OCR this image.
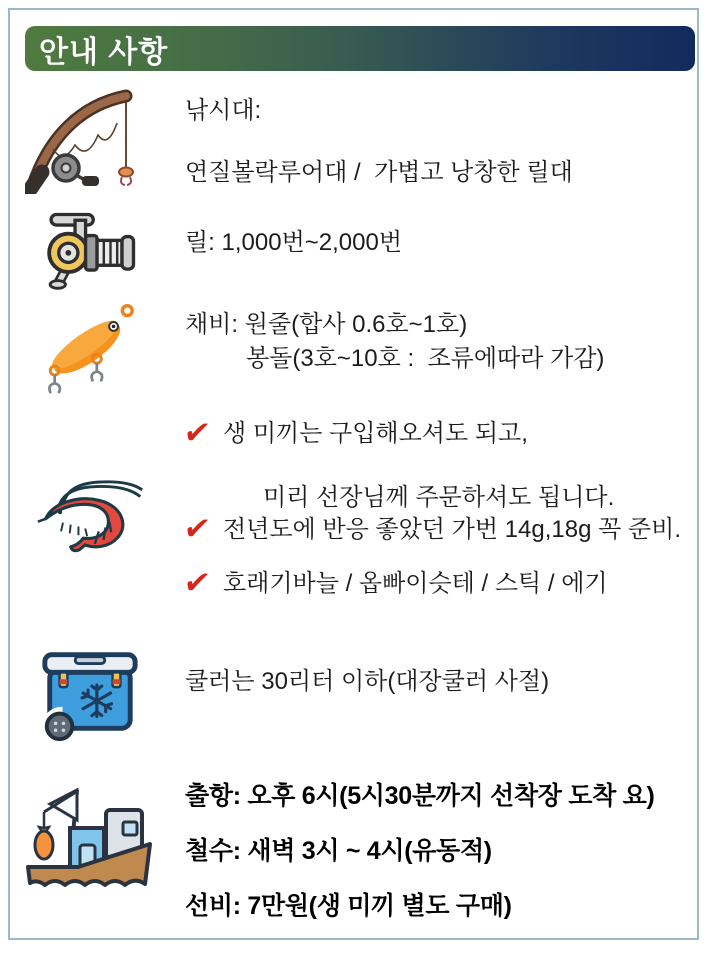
안내 사항
낚시대:
연질볼락루어대 /  가볍고 낭창한 릴대
릴: 1,000번~2,000번
채비: 원줄(합사 0.6호~1호)
봉돌(3호~10호 :  조류에따라 가감)
✔ 생 미끼는 구입해오셔도 되고,

미리 선장님께 주문하셔도 됩니다.
✔ 전년도에 반응 좋았던 가번 14g,18g 꼭 준비.
✔ 호래기바늘 / 옵빠이슷테 / 스틱 / 에기
쿨러는 30리터 이하(대장쿨러 사절)
출항: 오후 6시(5시30분까지 선착장 도착 요)
철수: 새벽 3시 ~ 4시(유동적)
선비: 7만원(생 미끼 별도 구매)
